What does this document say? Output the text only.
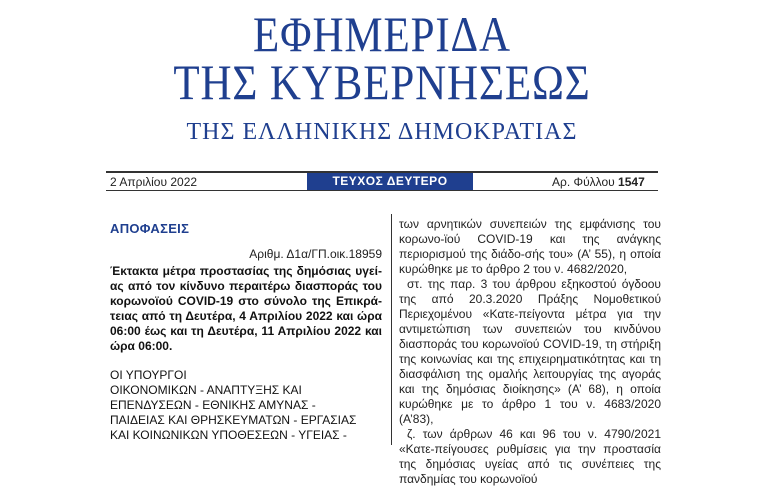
ΕΦΗΜΕΡΙΔΑ
ΤΗΣ ΚΥΒΕΡΝΗΣΕΩΣ
ΤΗΣ ΕΛΛΗΝΙΚΗΣ ΔΗΜΟΚΡΑΤΙΑΣ
2 Απριλίου 2022	ΤΕΥΧΟΣ ΔΕΥΤΕΡΟ	Αρ. Φύλλου 1547
ΑΠΟΦΑΣΕΙΣ
Αριθμ. Δ1α/ΓΠ.οικ.18959
Έκτακτα μέτρα προστασίας της δημόσιας υγεί-ας από τον κίνδυνο περαιτέρω διασποράς του κορωνοϊού COVID-19 στο σύνολο της Επικρά-τειας από τη Δευτέρα, 4 Απριλίου 2022 και ώρα 06:00 έως και τη Δευτέρα, 11 Απριλίου 2022 και ώρα 06:00.
ΟΙ ΥΠΟΥΡΓΟΙ
ΟΙΚΟΝΟΜΙΚΩΝ - ΑΝΑΠΤΥΞΗΣ ΚΑΙ
ΕΠΕΝΔΥΣΕΩΝ - ΕΘΝΙΚΗΣ ΑΜΥΝΑΣ -
ΠΑΙΔΕΙΑΣ ΚΑΙ ΘΡΗΣΚΕΥΜΑΤΩΝ - ΕΡΓΑΣΙΑΣ
ΚΑΙ ΚΟΙΝΩΝΙΚΩΝ ΥΠΟΘΕΣΕΩΝ - ΥΓΕΙΑΣ -

των αρνητικών συνεπειών της εμφάνισης του κορωνο-ϊού COVID-19 και της ανάγκης περιορισμού της διάδο-σής του» (Α’ 55), η οποία κυρώθηκε με το άρθρο 2 του ν. 4682/2020,

στ. της παρ. 3 του άρθρου εξηκοστού όγδοου της από 20.3.2020 Πράξης Νομοθετικού Περιεχομένου «Κατε-πείγοντα μέτρα για την αντιμετώπιση των συνεπειών του κινδύνου διασποράς του κορωνοϊού COVID-19, τη στήριξη της κοινωνίας και της επιχειρηματικότητας και τη διασφάλιση της ομαλής λειτουργίας της αγοράς και της δημόσιας διοίκησης» (Α’ 68), η οποία κυρώθηκε με το άρθρο 1 του ν. 4683/2020 (Α’83),

ζ. των άρθρων 46 και 96 του ν. 4790/2021 «Κατε-πείγουσες ρυθμίσεις για την προστασία της δημόσιας υγείας από τις συνέπειες της πανδημίας του κορωνοϊού
